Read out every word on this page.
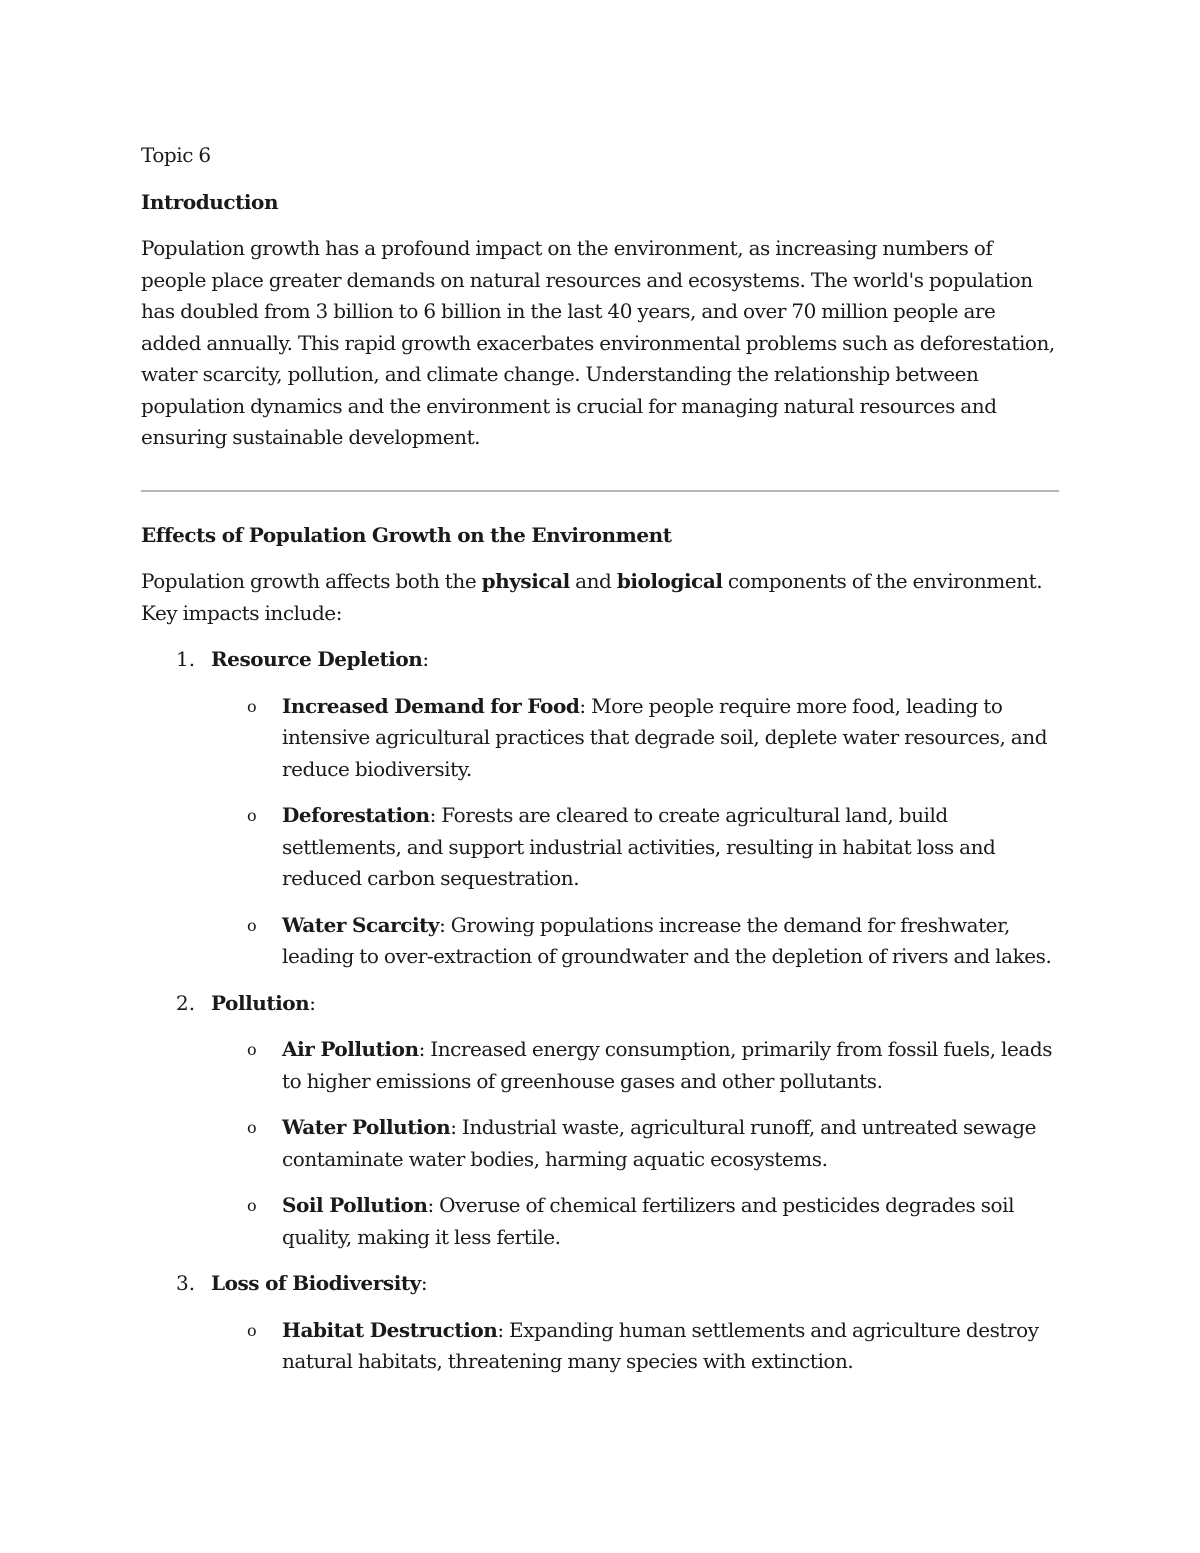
Topic 6

Introduction

Population growth has a profound impact on the environment, as increasing numbers of people place greater demands on natural resources and ecosystems. The world's population has doubled from 3 billion to 6 billion in the last 40 years, and over 70 million people are added annually. This rapid growth exacerbates environmental problems such as deforestation, water scarcity, pollution, and climate change. Understanding the relationship between population dynamics and the environment is crucial for managing natural resources and ensuring sustainable development.

Effects of Population Growth on the Environment

Population growth affects both the physical and biological components of the environment. Key impacts include:

1. Resource Depletion:

o Increased Demand for Food: More people require more food, leading to intensive agricultural practices that degrade soil, deplete water resources, and reduce biodiversity.

o Deforestation: Forests are cleared to create agricultural land, build settlements, and support industrial activities, resulting in habitat loss and reduced carbon sequestration.

o Water Scarcity: Growing populations increase the demand for freshwater, leading to over-extraction of groundwater and the depletion of rivers and lakes.

2. Pollution:

o Air Pollution: Increased energy consumption, primarily from fossil fuels, leads to higher emissions of greenhouse gases and other pollutants.

o Water Pollution: Industrial waste, agricultural runoff, and untreated sewage contaminate water bodies, harming aquatic ecosystems.

o Soil Pollution: Overuse of chemical fertilizers and pesticides degrades soil quality, making it less fertile.

3. Loss of Biodiversity:

o Habitat Destruction: Expanding human settlements and agriculture destroy natural habitats, threatening many species with extinction.
